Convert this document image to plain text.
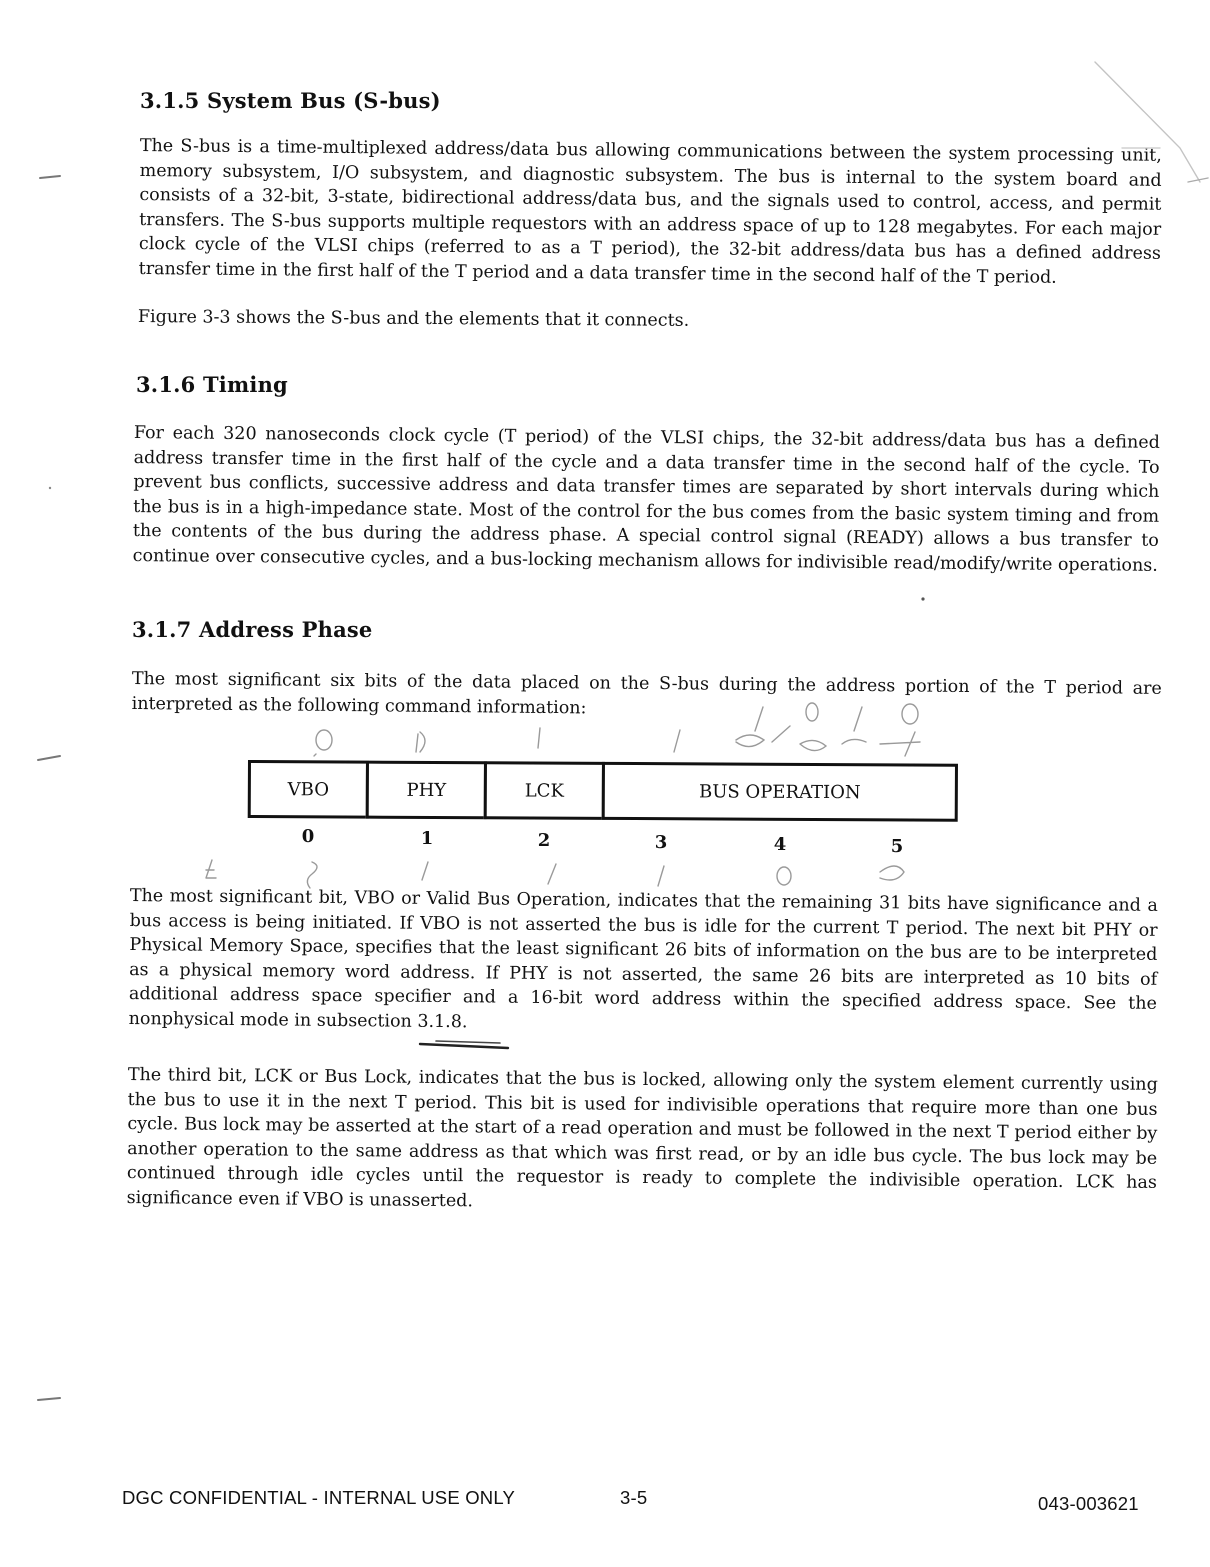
3.1.5 System Bus (S-bus)
The S-bus is a time-multiplexed address/data bus allowing communications between the system processing unit, memory subsystem, I/O subsystem, and diagnostic subsystem. The bus is internal to the system board and consists of a 32-bit, 3-state, bidirectional address/data bus, and the signals used to control, access, and permit transfers. The S-bus supports multiple requestors with an address space of up to 128 megabytes. For each major clock cycle of the VLSI chips (referred to as a T period), the 32-bit address/data bus has a defined address transfer time in the first half of the T period and a data transfer time in the second half of the T period.
Figure 3-3 shows the S-bus and the elements that it connects.
3.1.6 Timing
For each 320 nanoseconds clock cycle (T period) of the VLSI chips, the 32-bit address/data bus has a defined address transfer time in the first half of the cycle and a data transfer time in the second half of the cycle. To prevent bus conflicts, successive address and data transfer times are separated by short intervals during which the bus is in a high-impedance state. Most of the control for the bus comes from the basic system timing and from the contents of the bus during the address phase. A special control signal (READY) allows a bus transfer to continue over consecutive cycles, and a bus-locking mechanism allows for indivisible read/modify/write operations.
3.1.7 Address Phase
The most significant six bits of the data placed on the S-bus during the address portion of the T period are interpreted as the following command information:
VBO	PHY	LCK	BUS OPERATION
0	1	2	3	4	5
The most significant bit, VBO or Valid Bus Operation, indicates that the remaining 31 bits have significance and a bus access is being initiated. If VBO is not asserted the bus is idle for the current T period. The next bit PHY or Physical Memory Space, specifies that the least significant 26 bits of information on the bus are to be interpreted as a physical memory word address. If PHY is not asserted, the same 26 bits are interpreted as 10 bits of additional address space specifier and a 16-bit word address within the specified address space. See the nonphysical mode in subsection 3.1.8.
The third bit, LCK or Bus Lock, indicates that the bus is locked, allowing only the system element currently using the bus to use it in the next T period. This bit is used for indivisible operations that require more than one bus cycle. Bus lock may be asserted at the start of a read operation and must be followed in the next T period either by another operation to the same address as that which was first read, or by an idle bus cycle. The bus lock may be continued through idle cycles until the requestor is ready to complete the indivisible operation. LCK has significance even if VBO is unasserted.
DGC CONFIDENTIAL - INTERNAL USE ONLY	3-5	043-003621
